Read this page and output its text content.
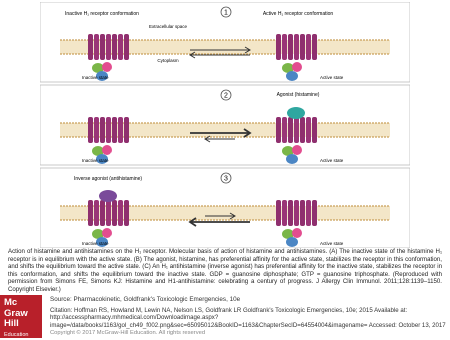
1
Inactive H₁ receptor conformation	Active H₁ receptor conformation
Extracellular space
Cytoplasm
Inactive state	Active state
GDP	GTP
2	Agonist (histamine)
Inactive state	Active state
GDP	GTP
3
Inverse agonist (antihistamine)
Inactive state	Active state
GDP	GTP
Action of histamine and antihistamines on the H₁ receptor. Molecular basis of action of histamine and antihistamines. (A) The inactive state of the histamine H₁ receptor is in equilibrium with the active state. (B) The agonist, histamine, has preferential affinity for the active state, stabilizes the receptor in this conformation, and shifts the equilibrium toward the active state. (C) An H₁ antihistamine (inverse agonist) has preferential affinity for the inactive state, stabilizes the receptor in this conformation, and shifts the equilibrium toward the inactive state. GDP = guanosine diphosphate; GTP = guanosine triphosphate. (Reproduced with permission from Simons FE, Simons KJ: Histamine and H1-antihistamine: celebrating a century of progress. J Allergy Clin Immunol. 2011;128:1139–1150. Copyright Elsevier.)
Mc
Graw
Hill
Education
Source: Pharmacokinetic, Goldfrank's Toxicologic Emergencies, 10e
Citation: Hoffman RS, Howland M, Lewin NA, Nelson LS, Goldfrank LR Goldfrank's Toxicologic Emergencies, 10e; 2015 Available at: http://accesspharmacy.mhmedical.com/Downloadimage.aspx?image=/data/books/1163/gol_ch49_f002.png&sec=65095012&BookID=1163&ChapterSecID=64554004&imagename= Accessed: October 13, 2017
Copyright © 2017 McGraw-Hill Education. All rights reserved
